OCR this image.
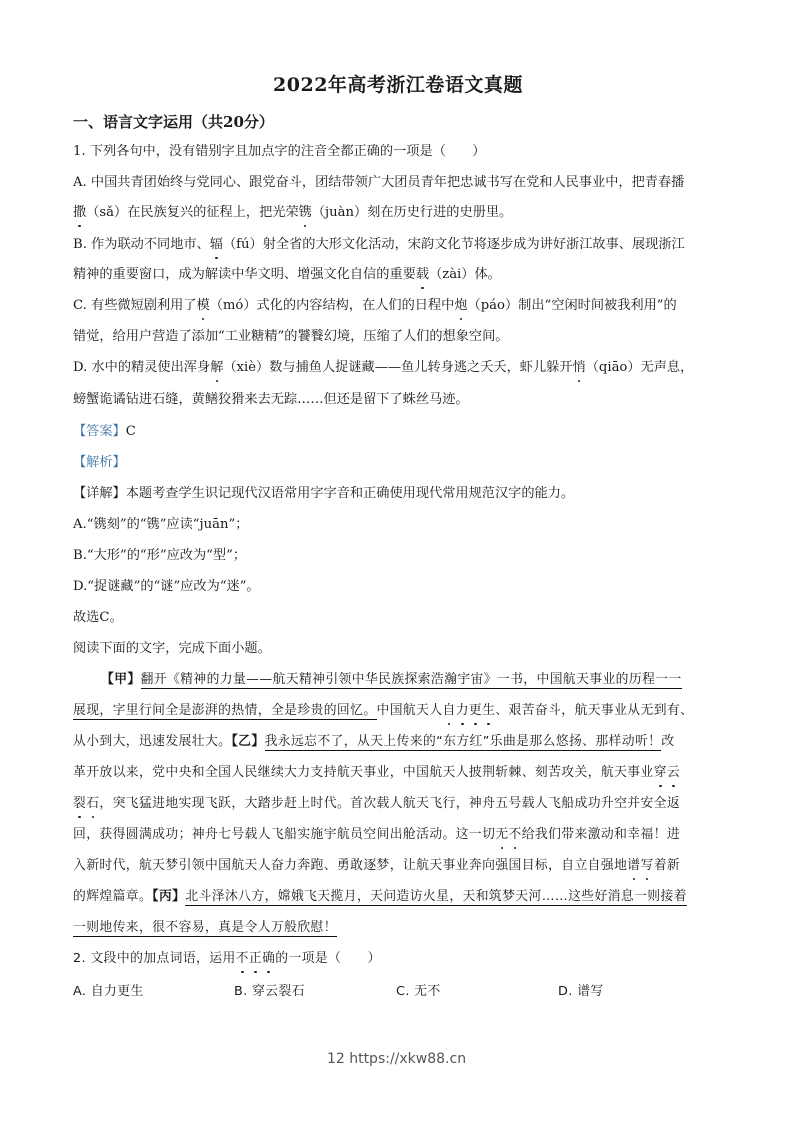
2022年高考浙江卷语文真题
一、语言文字运用（共20分）
1. 下列各句中，没有错别字且加点字的注音全都正确的一项是（　　）
A. 中国共青团始终与党同心、跟党奋斗，团结带领广大团员青年把忠诚书写在党和人民事业中，把青春播
撒（sǎ）在民族复兴的征程上，把光荣镌（juàn）刻在历史行进的史册里。
B. 作为联动不同地市、辐（fú）射全省的大形文化活动，宋韵文化节将逐步成为讲好浙江故事、展现浙江
精神的重要窗口，成为解读中华文明、增强文化自信的重要载（zài）体。
C. 有些微短剧利用了模（mó）式化的内容结构，在人们的日程中炮（páo）制出“空闲时间被我利用”的
错觉，给用户营造了添加“工业糖精”的饕餮幻境，压缩了人们的想象空间。
D. 水中的精灵使出浑身解（xiè）数与捕鱼人捉谜藏——鱼儿转身逃之夭夭，虾儿躲开悄（qiāo）无声息，
螃蟹诡谲钻进石缝，黄鳝狡猾来去无踪……但还是留下了蛛丝马迹。
【答案】C
【解析】
【详解】本题考查学生识记现代汉语常用字字音和正确使用现代常用规范汉字的能力。
A.“镌刻”的“镌”应读“juān”；
B.“大形”的“形”应改为“型”；
D.“捉谜藏”的“谜”应改为“迷”。
故选C。
阅读下面的文字，完成下面小题。
【甲】翻开《精神的力量——航天精神引领中华民族探索浩瀚宇宙》一书，中国航天事业的历程一一
展现，字里行间全是澎湃的热情，全是珍贵的回忆。中国航天人自力更生、艰苦奋斗，航天事业从无到有、
从小到大，迅速发展壮大。【乙】我永远忘不了，从天上传来的“东方红”乐曲是那么悠扬、那样动听！改
革开放以来，党中央和全国人民继续大力支持航天事业，中国航天人披荆斩棘、刻苦攻关，航天事业穿云
裂石，突飞猛进地实现飞跃，大踏步赶上时代。首次载人航天飞行，神舟五号载人飞船成功升空并安全返
回，获得圆满成功；神舟七号载人飞船实施宇航员空间出舱活动。这一切无不给我们带来激动和幸福！进
入新时代，航天梦引领中国航天人奋力奔跑、勇敢逐梦，让航天事业奔向强国目标，自立自强地谱写着新
的辉煌篇章。【丙】北斗泽沐八方，嫦娥飞天揽月，天问造访火星，天和筑梦天河……这些好消息一则接着
一则地传来，很不容易，真是令人万般欣慰！
2. 文段中的加点词语，运用不正确的一项是（　　）
A. 自力更生	B. 穿云裂石	C. 无不	D. 谱写
12 https://xkw88.cn
